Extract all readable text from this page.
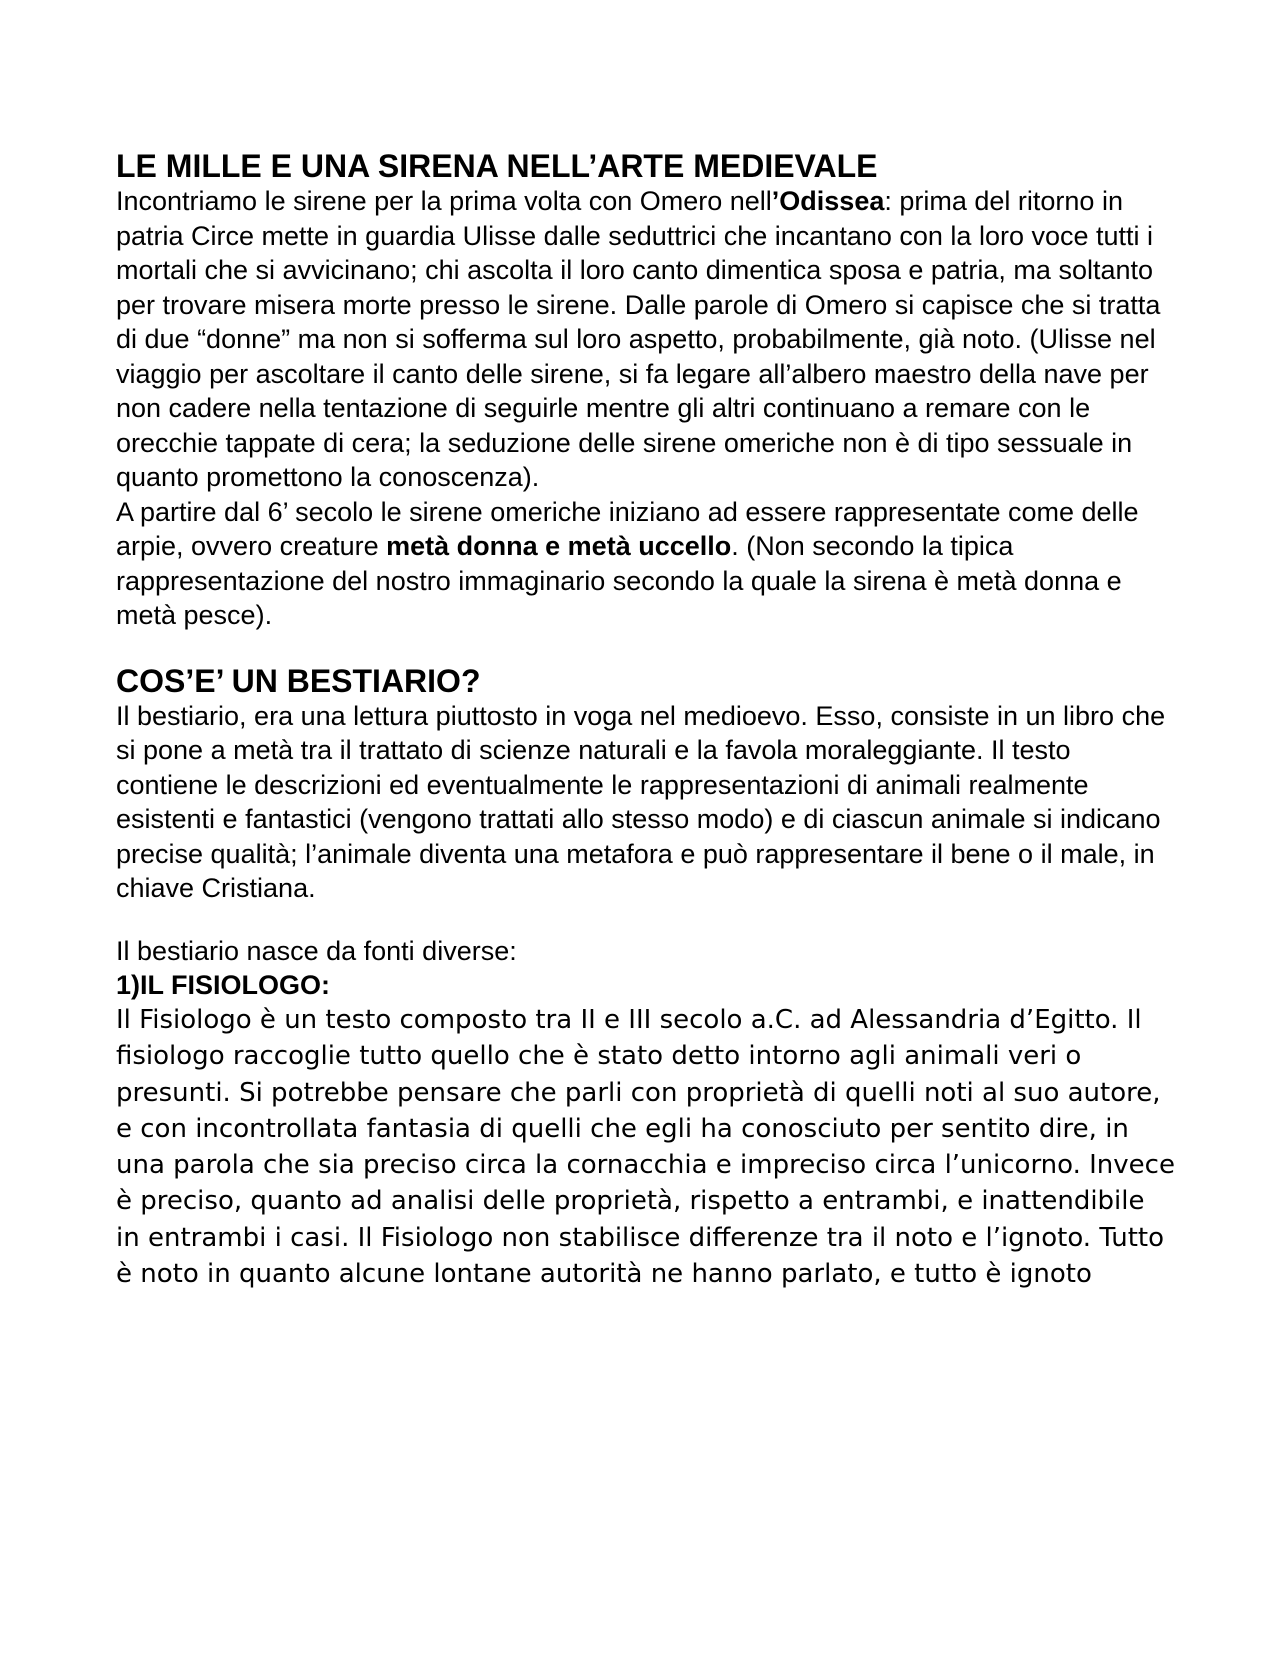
LE MILLE E UNA SIRENA NELL’ARTE MEDIEVALE

Incontriamo le sirene per la prima volta con Omero nell’Odissea: prima del ritorno in patria Circe mette in guardia Ulisse dalle seduttrici che incantano con la loro voce tutti i mortali che si avvicinano; chi ascolta il loro canto dimentica sposa e patria, ma soltanto per trovare misera morte presso le sirene. Dalle parole di Omero si capisce che si tratta di due “donne” ma non si sofferma sul loro aspetto, probabilmente, già noto. (Ulisse nel viaggio per ascoltare il canto delle sirene, si fa legare all’albero maestro della nave per non cadere nella tentazione di seguirle mentre gli altri continuano a remare con le orecchie tappate di cera; la seduzione delle sirene omeriche non è di tipo sessuale in quanto promettono la conoscenza).

A partire dal 6’ secolo le sirene omeriche iniziano ad essere rappresentate come delle arpie, ovvero creature metà donna e metà uccello. (Non secondo la tipica rappresentazione del nostro immaginario secondo la quale la sirena è metà donna e metà pesce).

COS’E’ UN BESTIARIO?

Il bestiario, era una lettura piuttosto in voga nel medioevo. Esso, consiste in un libro che si pone a metà tra il trattato di scienze naturali e la favola moraleggiante. Il testo contiene le descrizioni ed eventualmente le rappresentazioni di animali realmente esistenti e fantastici (vengono trattati allo stesso modo) e di ciascun animale si indicano precise qualità; l’animale diventa una metafora e può rappresentare il bene o il male, in chiave Cristiana.

Il bestiario nasce da fonti diverse:

1)IL FISIOLOGO:

Il Fisiologo è un testo composto tra II e III secolo a.C. ad Alessandria d’Egitto. Il fisiologo raccoglie tutto quello che è stato detto intorno agli animali veri o presunti. Si potrebbe pensare che parli con proprietà di quelli noti al suo autore, e con incontrollata fantasia di quelli che egli ha conosciuto per sentito dire, in una parola che sia preciso circa la cornacchia e impreciso circa l’unicorno. Invece è preciso, quanto ad analisi delle proprietà, rispetto a entrambi, e inattendibile in entrambi i casi. Il Fisiologo non stabilisce differenze tra il noto e l’ignoto. Tutto è noto in quanto alcune lontane autorità ne hanno parlato, e tutto è ignoto
